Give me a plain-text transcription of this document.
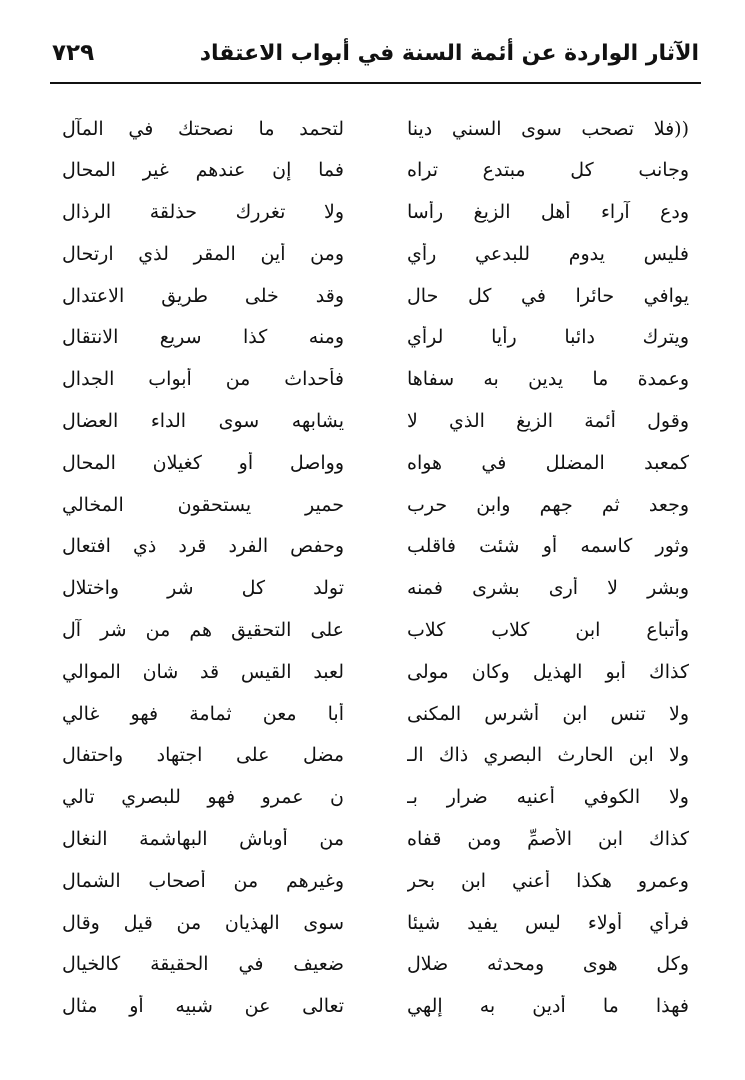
الآثار الواردة عن أئمة السنة في أبواب الاعتقاد
٧٢٩
((فلا تصحب سوى السني دينا
لتحمد ما نصحتك في المآل
وجانب كل مبتدع تراه
فما إن عندهم غير المحال
ودع آراء أهل الزيغ رأسا
ولا تغررك حذلقة الرذال
فليس يدوم للبدعي رأي
ومن أين المقر لذي ارتحال
يوافي حائرا في كل حال
وقد خلى طريق الاعتدال
ويترك دائبا رأيا لرأي
ومنه كذا سريع الانتقال
وعمدة ما يدين به سفاها
فأحداث من أبواب الجدال
وقول أئمة الزيغ الذي لا
يشابهه سوى الداء العضال
كمعبد المضلل في هواه
وواصل أو كغيلان المحال
وجعد ثم جهم وابن حرب
حمير يستحقون المخالي
وثور كاسمه أو شئت فاقلب
وحفص الفرد قرد ذي افتعال
وبشر لا أرى بشرى فمنه
تولد كل شر واختلال
وأتباع ابن كلاب كلاب
على التحقيق هم من شر آل
كذاك أبو الهذيل وكان مولى
لعبد القيس قد شان الموالي
ولا تنس ابن أشرس المكنى
أبا معن ثمامة فهو غالي
ولا ابن الحارث البصري ذاك الـ
مضل على اجتهاد واحتفال
ولا الكوفي أعنيه ضرار بـ
ن عمرو فهو للبصري تالي
كذاك ابن الأصمِّ ومن قفاه
من أوباش البهاشمة النغال
وعمرو هكذا أعني ابن بحر
وغيرهم من أصحاب الشمال
فرأي أولاء ليس يفيد شيئا
سوى الهذيان من قيل وقال
وكل هوى ومحدثه ضلال
ضعيف في الحقيقة كالخيال
فهذا ما أدين به إلهي
تعالى عن شبيه أو مثال
